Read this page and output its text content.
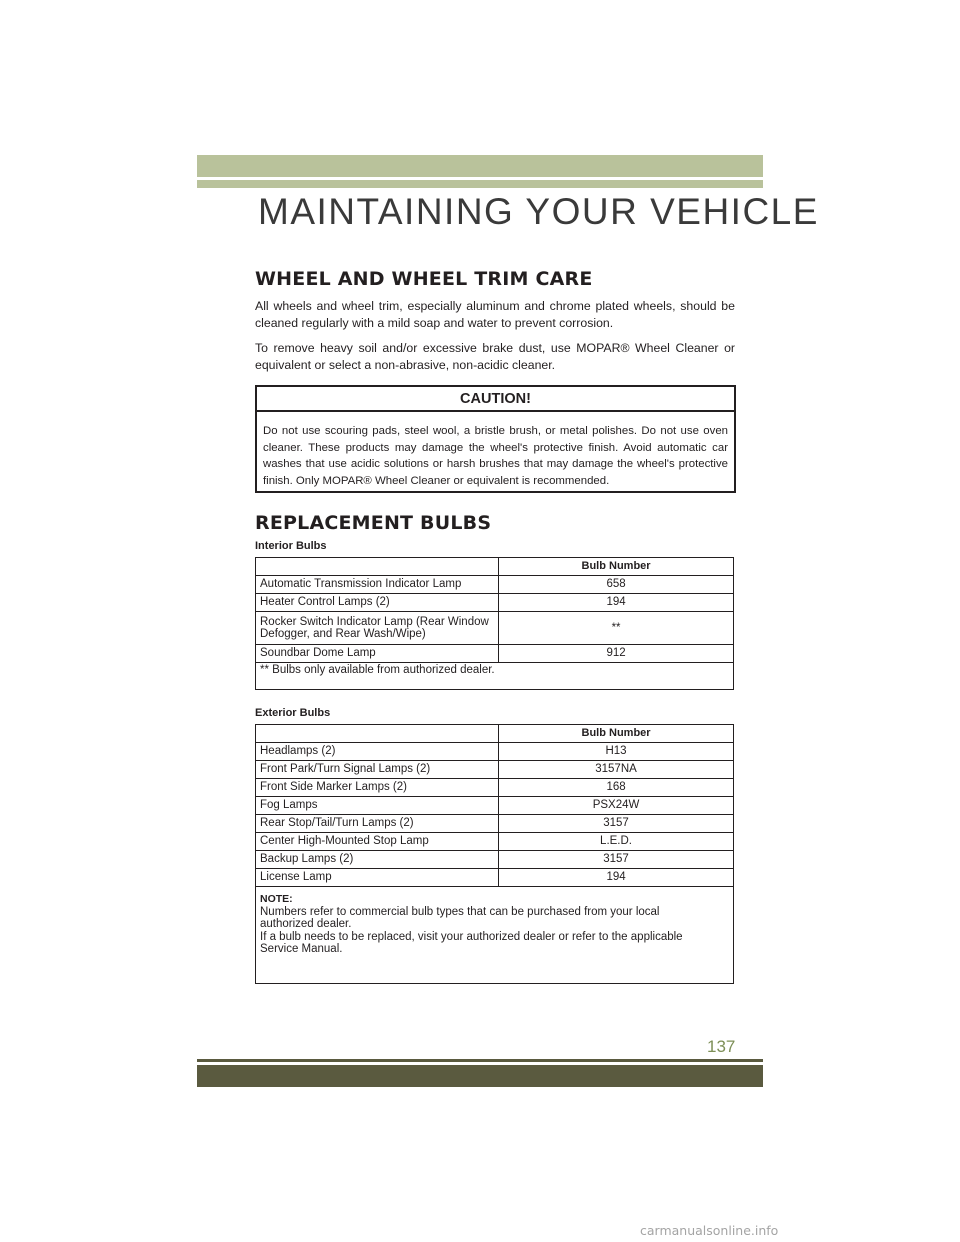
MAINTAINING YOUR VEHICLE
WHEEL AND WHEEL TRIM CARE

All wheels and wheel trim, especially aluminum and chrome plated wheels, should be cleaned regularly with a mild soap and water to prevent corrosion.

To remove heavy soil and/or excessive brake dust, use MOPAR® Wheel Cleaner or equivalent or select a non-abrasive, non-acidic cleaner.

CAUTION!
Do not use scouring pads, steel wool, a bristle brush, or metal polishes. Do not use oven cleaner. These products may damage the wheel's protective finish. Avoid automatic car washes that use acidic solutions or harsh brushes that may damage the wheel's protective finish. Only MOPAR® Wheel Cleaner or equivalent is recommended.
REPLACEMENT BULBS
Interior Bulbs
	Bulb Number
Automatic Transmission Indicator Lamp	658
Heater Control Lamps (2)	194
Rocker Switch Indicator Lamp (Rear Window Defogger, and Rear Wash/Wipe)	**
Soundbar Dome Lamp	912
** Bulbs only available from authorized dealer.	
Exterior Bulbs
	Bulb Number
Headlamps (2)	H13
Front Park/Turn Signal Lamps (2)	3157NA
Front Side Marker Lamps (2)	168
Fog Lamps	PSX24W
Rear Stop/Tail/Turn Lamps (2)	3157
Center High-Mounted Stop Lamp	L.E.D.
Backup Lamps (2)	3157
License Lamp	194

NOTE:
Numbers refer to commercial bulb types that can be purchased from your local authorized dealer.
If a bulb needs to be replaced, visit your authorized dealer or refer to the applicable Service Manual.	
137
carmanualsonline.info
